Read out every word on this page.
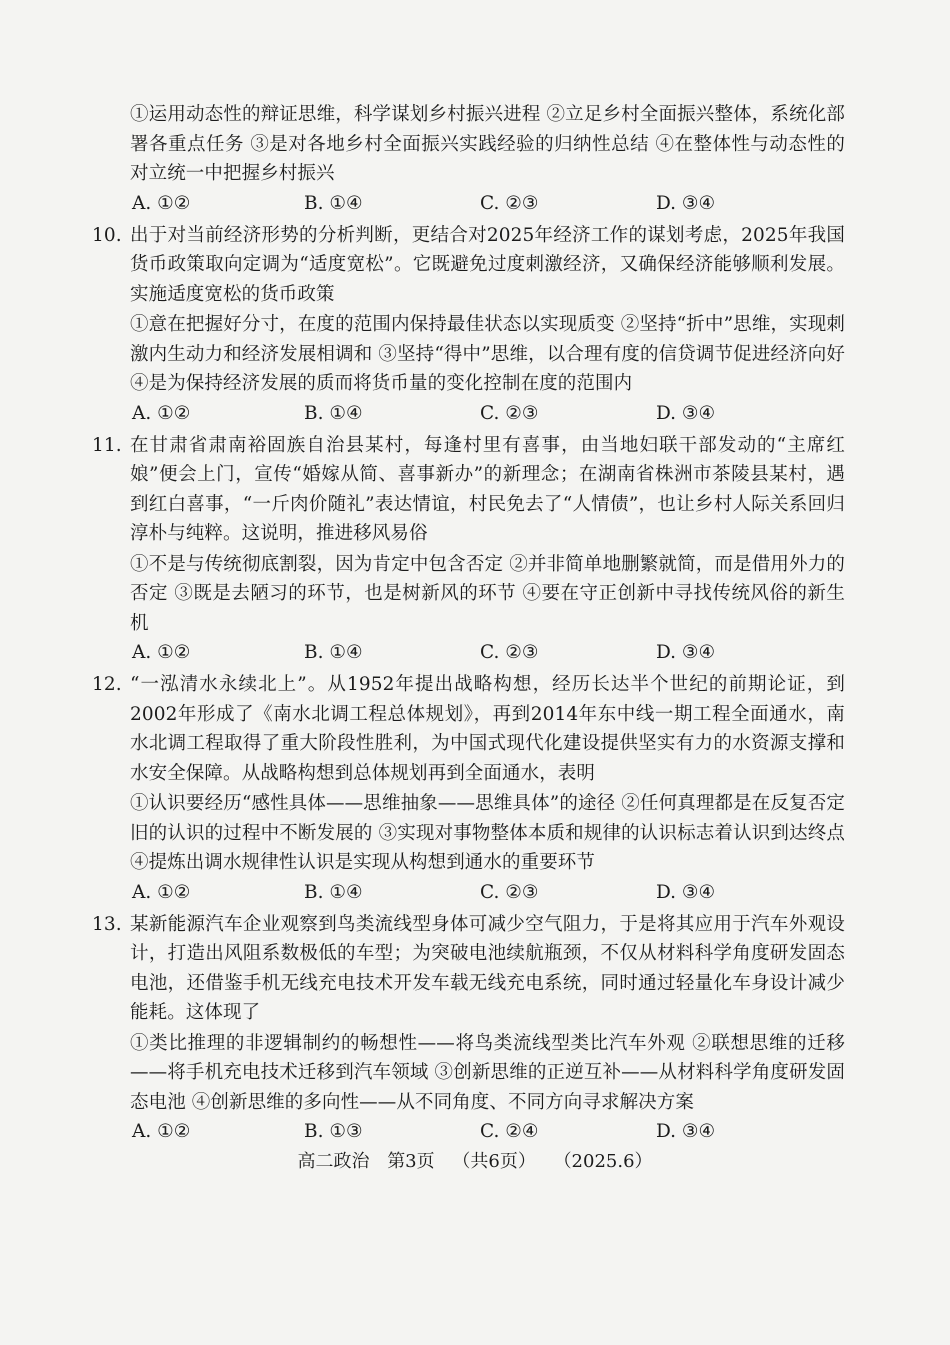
①运用动态性的辩证思维，科学谋划乡村振兴进程 ②立足乡村全面振兴整体，系统化部署各重点任务 ③是对各地乡村全面振兴实践经验的归纳性总结 ④在整体性与动态性的对立统一中把握乡村振兴

A. ①②	B. ①④	C. ②③	D. ③④

10. 出于对当前经济形势的分析判断，更结合对2025年经济工作的谋划考虑，2025年我国货币政策取向定调为“适度宽松”。它既避免过度刺激经济，又确保经济能够顺利发展。实施适度宽松的货币政策

①意在把握好分寸，在度的范围内保持最佳状态以实现质变 ②坚持“折中”思维，实现刺激内生动力和经济发展相调和 ③坚持“得中”思维，以合理有度的信贷调节促进经济向好 ④是为保持经济发展的质而将货币量的变化控制在度的范围内

A. ①②	B. ①④	C. ②③	D. ③④

11. 在甘肃省肃南裕固族自治县某村，每逢村里有喜事，由当地妇联干部发动的“主席红娘”便会上门，宣传“婚嫁从简、喜事新办”的新理念；在湖南省株洲市茶陵县某村，遇到红白喜事，“一斤肉价随礼”表达情谊，村民免去了“人情债”，也让乡村人际关系回归淳朴与纯粹。这说明，推进移风易俗

①不是与传统彻底割裂，因为肯定中包含否定 ②并非简单地删繁就简，而是借用外力的否定 ③既是去陋习的环节，也是树新风的环节 ④要在守正创新中寻找传统风俗的新生机

A. ①②	B. ①④	C. ②③	D. ③④

12. “一泓清水永续北上”。从1952年提出战略构想，经历长达半个世纪的前期论证，到2002年形成了《南水北调工程总体规划》，再到2014年东中线一期工程全面通水，南水北调工程取得了重大阶段性胜利，为中国式现代化建设提供坚实有力的水资源支撑和水安全保障。从战略构想到总体规划再到全面通水，表明

①认识要经历“感性具体——思维抽象——思维具体”的途径 ②任何真理都是在反复否定旧的认识的过程中不断发展的 ③实现对事物整体本质和规律的认识标志着认识到达终点 ④提炼出调水规律性认识是实现从构想到通水的重要环节

A. ①②	B. ①④	C. ②③	D. ③④

13. 某新能源汽车企业观察到鸟类流线型身体可减少空气阻力，于是将其应用于汽车外观设计，打造出风阻系数极低的车型；为突破电池续航瓶颈，不仅从材料科学角度研发固态电池，还借鉴手机无线充电技术开发车载无线充电系统，同时通过轻量化车身设计减少能耗。这体现了

①类比推理的非逻辑制约的畅想性——将鸟类流线型类比汽车外观 ②联想思维的迁移——将手机充电技术迁移到汽车领域 ③创新思维的正逆互补——从材料科学角度研发固态电池 ④创新思维的多向性——从不同角度、不同方向寻求解决方案

A. ①②	B. ①③	C. ②④	D. ③④
高二政治 第3页 （共6页） （2025.6）
